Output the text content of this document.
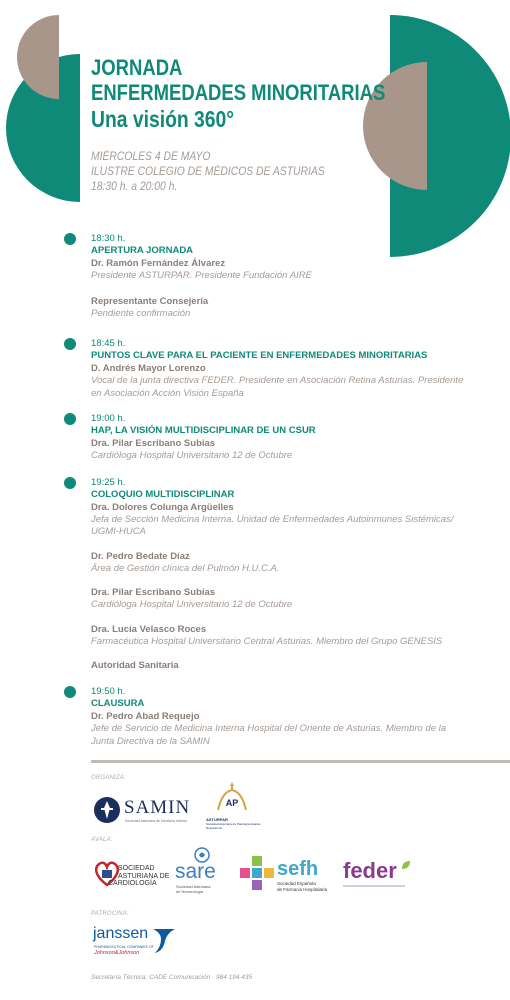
JORNADA
ENFERMEDADES MINORITARIAS
Una visión 360°
MIÉRCOLES 4 DE MAYO
ILUSTRE COLEGIO DE MÉDICOS DE ASTURIAS
18:30 h. a 20:00 h.
18:30 h.
APERTURA JORNADA
Dr. Ramón Fernández Álvarez
Presidente ASTURPAR. Presidente Fundación AIRE
Representante Consejería
Pendiente confirmación
18:45 h.
PUNTOS CLAVE PARA EL PACIENTE EN ENFERMEDADES MINORITARIAS
D. Andrés Mayor Lorenzo
Vocal de la junta directiva FEDER. Presidente en Asociación Retina Asturias. Presidente en Asociación Acción Visión España
19:00 h.
HAP, LA VISIÓN MULTIDISCIPLINAR DE UN CSUR
Dra. Pilar Escribano Subias
Cardióloga Hospital Universitario 12 de Octubre
19:25 h.
COLOQUIO MULTIDISCIPLINAR
Dra. Dolores Colunga Argüelles
Jefa de Sección Medicina Interna. Unidad de Enfermedades Autoinmunes Sistémicas/ UGMI-HUCA
Dr. Pedro Bedate Díaz
Área de Gestión clínica del Pulmón H.U.C.A.
Dra. Pilar Escribano Subías
Cardióloga Hospital Universitario 12 de Octubre
Dra. Lucía Velasco Roces
Farmacéutica Hospital Universitario Central Asturias. Miembro del Grupo GENESIS
Autoridad Sanitaria
19:50 h.
CLAUSURA
Dr. Pedro Abad Requejo
Jefe de Servicio de Medicina Interna Hospital del Oriente de Asturias. Miembro de la Junta Directiva de la SAMIN
ORGANIZA:
SAMIN
Sociedad Asturiana de Medicina Interna
AP
ASTURPAR
Sociedad Asturiana de Patología Aparato Respiratorio
AVALA:
SOCIEDAD
ASTURIANA DE
CARDIOLOGÍA
sare
Sociedad Asturiana
de Neumología
sefh
Sociedad Española
de Farmacia Hospitalaria
feder
PATROCINA:
janssen
PHARMACEUTICAL COMPANIES OF
Johnson&Johnson
Secretaría Técnica: CADE Comunicación · 984 194 435
